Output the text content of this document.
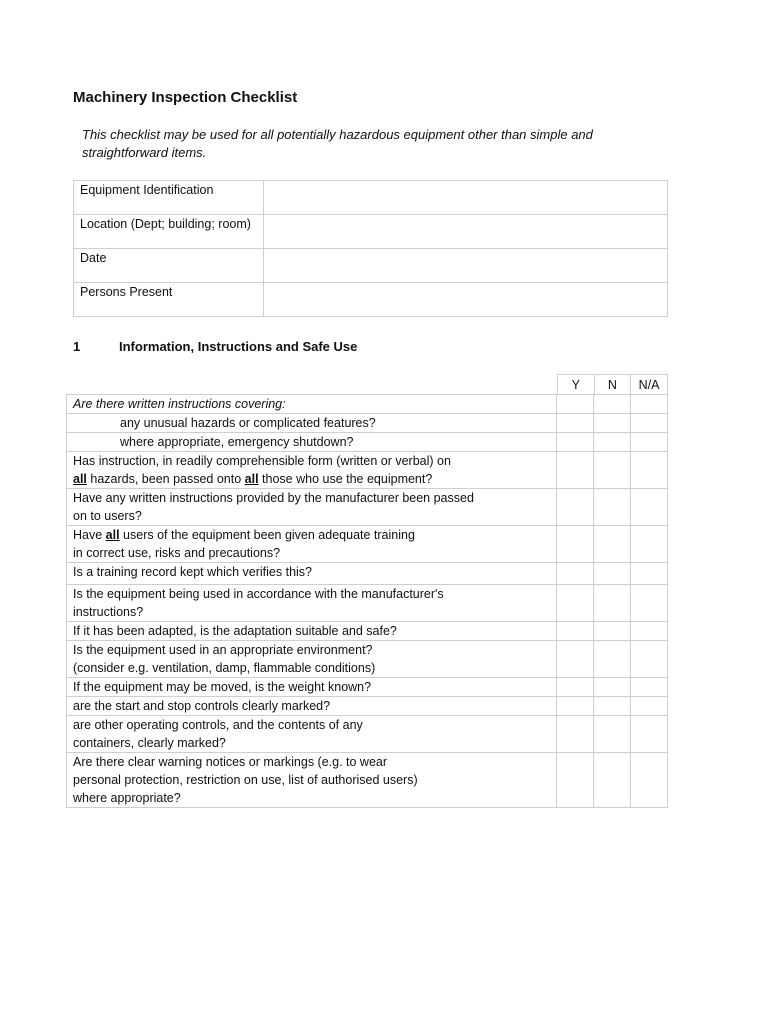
Machinery Inspection Checklist
This checklist may be used for all potentially hazardous equipment other than simple and straightforward items.
Equipment Identification	

Location (Dept; building; room)	

Date	

Persons Present	

1	Information, Instructions and Safe Use
Y	N	N/A
Are there written instructions covering:			

any unusual hazards or complicated features?			

where appropriate, emergency shutdown?			

Has instruction, in readily comprehensible form (written or verbal) on
all hazards, been passed onto all those who use the equipment?			

Have any written instructions provided by the manufacturer been passed
on to users?			

Have all users of the equipment been given adequate training
in correct use, risks and precautions?			

Is a training record kept which verifies this?			

Is the equipment being used in accordance with the manufacturer's
instructions?			

If it has been adapted, is the adaptation suitable and safe?			

Is the equipment used in an appropriate environment?
(consider e.g. ventilation, damp, flammable conditions)			

If the equipment may be moved, is the weight known?			

are the start and stop controls clearly marked?			

are other operating controls, and the contents of any
containers, clearly marked?			

Are there clear warning notices or markings (e.g. to wear
personal protection, restriction on use, list of authorised users)
where appropriate?			
